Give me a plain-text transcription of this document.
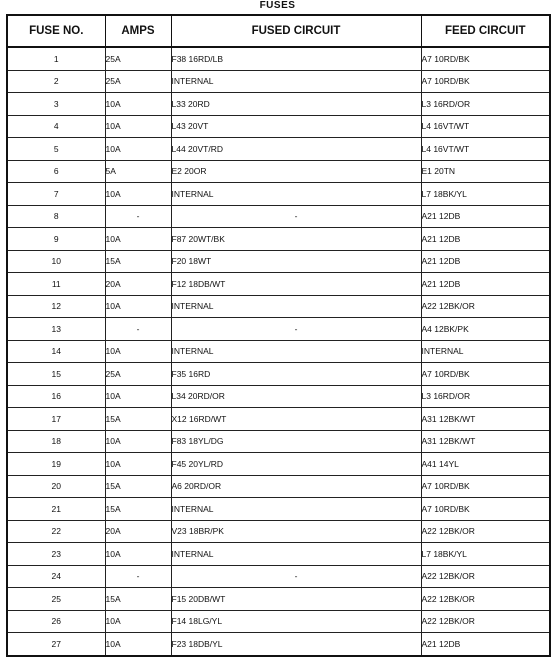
FUSES
FUSE NO.	AMPS	FUSED CIRCUIT	FEED CIRCUIT
1	25A	F38 16RD/LB	A7 10RD/BK
2	25A	INTERNAL	A7 10RD/BK
3	10A	L33 20RD	L3 16RD/OR
4	10A	L43 20VT	L4 16VT/WT
5	10A	L44 20VT/RD	L4 16VT/WT
6	5A	E2 20OR	E1 20TN
7	10A	INTERNAL	L7 18BK/YL
8	-	-	A21 12DB
9	10A	F87 20WT/BK	A21 12DB
10	15A	F20 18WT	A21 12DB
11	20A	F12 18DB/WT	A21 12DB
12	10A	INTERNAL	A22 12BK/OR
13	-	-	A4 12BK/PK
14	10A	INTERNAL	INTERNAL
15	25A	F35 16RD	A7 10RD/BK
16	10A	L34 20RD/OR	L3 16RD/OR
17	15A	X12 16RD/WT	A31 12BK/WT
18	10A	F83 18YL/DG	A31 12BK/WT
19	10A	F45 20YL/RD	A41 14YL
20	15A	A6 20RD/OR	A7 10RD/BK
21	15A	INTERNAL	A7 10RD/BK
22	20A	V23 18BR/PK	A22 12BK/OR
23	10A	INTERNAL	L7 18BK/YL
24	-	-	A22 12BK/OR
25	15A	F15 20DB/WT	A22 12BK/OR
26	10A	F14 18LG/YL	A22 12BK/OR
27	10A	F23 18DB/YL	A21 12DB
